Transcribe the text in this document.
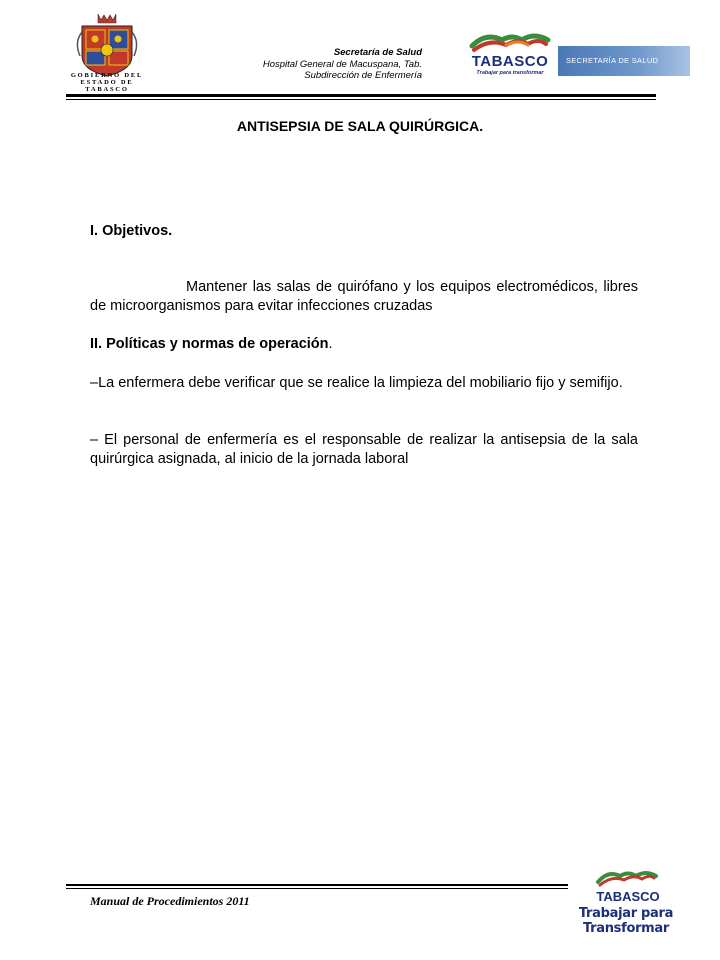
GOBIERNO DEL
ESTADO DE
TABASCO
Secretaría de Salud
Hospital General de Macuspana, Tab.
Subdirección de Enfermería
TABASCO
Trabajar para transformar
SECRETARÍA DE SALUD
ANTISEPSIA DE SALA QUIRÚRGICA.
I. Objetivos.
Mantener las salas de quirófano y los equipos electromédicos, libres de microorganismos para evitar infecciones cruzadas
II. Políticas y normas de operación.
–La enfermera debe verificar que se realice la limpieza del mobiliario fijo y semifijo.
– El personal de enfermería es el responsable de realizar la antisepsia de la sala quirúrgica asignada, al inicio de la jornada laboral
Manual de Procedimientos 2011	TABASCO
Trabajar para Transformar
